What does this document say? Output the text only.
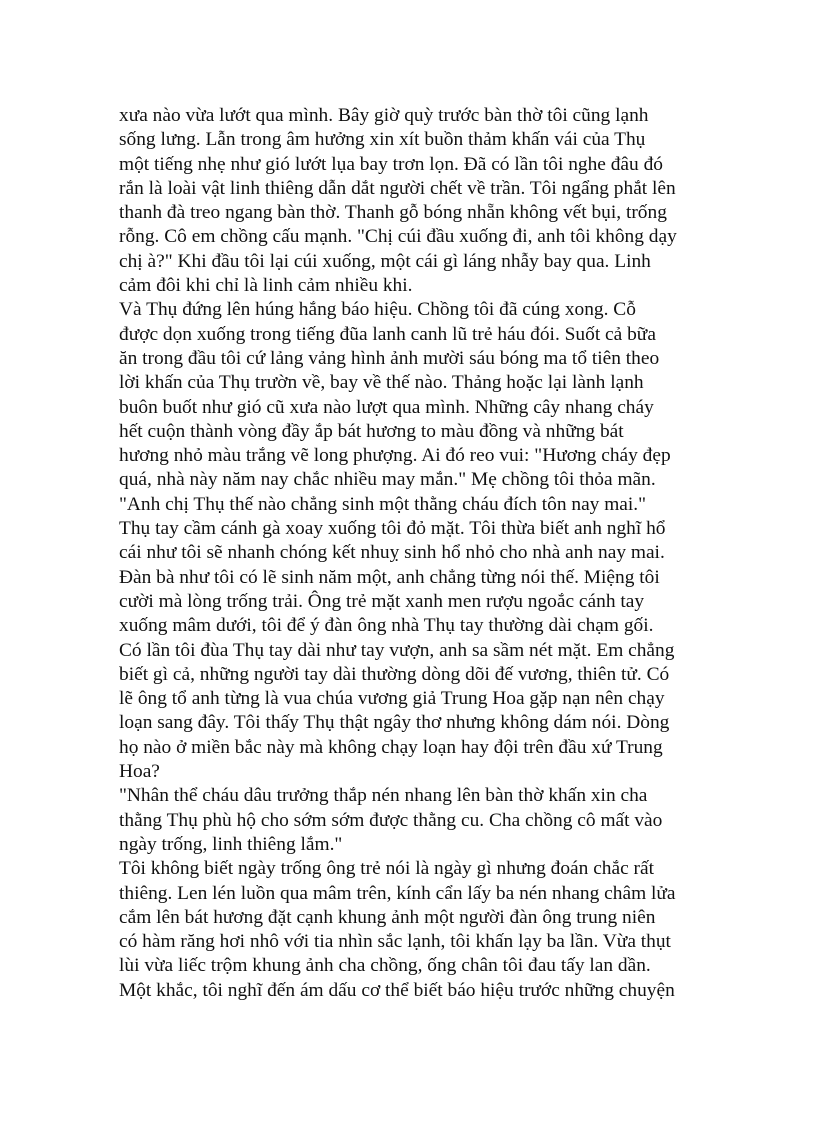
xưa nào vừa lướt qua mình. Bây giờ quỳ trước bàn thờ tôi cũng lạnh
sống lưng. Lẫn trong âm hưởng xin xít buồn thảm khấn vái của Thụ
một tiếng nhẹ như gió lướt lụa bay trơn lọn. Đã có lần tôi nghe đâu đó
rắn là loài vật linh thiêng dẫn dắt người chết về trần. Tôi ngẩng phắt lên
thanh đà treo ngang bàn thờ. Thanh gỗ bóng nhẵn không vết bụi, trống
rỗng. Cô em chồng cấu mạnh. "Chị cúi đầu xuống đi, anh tôi không dạy
chị à?" Khi đầu tôi lại cúi xuống, một cái gì láng nhẫy bay qua. Linh
cảm đôi khi chỉ là linh cảm nhiều khi.
Và Thụ đứng lên húng hắng báo hiệu. Chồng tôi đã cúng xong. Cỗ
được dọn xuống trong tiếng đũa lanh canh lũ trẻ háu đói. Suốt cả bữa
ăn trong đầu tôi cứ lảng vảng hình ảnh mười sáu bóng ma tổ tiên theo
lời khấn của Thụ trườn về, bay về thế nào. Thảng hoặc lại lành lạnh
buôn buốt như gió cũ xưa nào lượt qua mình. Những cây nhang cháy
hết cuộn thành vòng đầy ắp bát hương to màu đồng và những bát
hương nhỏ màu trắng vẽ long phượng. Ai đó reo vui: "Hương cháy đẹp
quá, nhà này năm nay chắc nhiều may mắn." Mẹ chồng tôi thỏa mãn.
"Anh chị Thụ thế nào chẳng sinh một thằng cháu đích tôn nay mai."
Thụ tay cầm cánh gà xoay xuống tôi đỏ mặt. Tôi thừa biết anh nghĩ hổ
cái như tôi sẽ nhanh chóng kết nhuỵ sinh hổ nhỏ cho nhà anh nay mai.
Đàn bà như tôi có lẽ sinh năm một, anh chẳng từng nói thế. Miệng tôi
cười mà lòng trống trải. Ông trẻ mặt xanh men rượu ngoắc cánh tay
xuống mâm dưới, tôi để ý đàn ông nhà Thụ tay thường dài chạm gối.
Có lần tôi đùa Thụ tay dài như tay vượn, anh sa sầm nét mặt. Em chẳng
biết gì cả, những người tay dài thường dòng dõi đế vương, thiên tử. Có
lẽ ông tổ anh từng là vua chúa vương giả Trung Hoa gặp nạn nên chạy
loạn sang đây. Tôi thấy Thụ thật ngây thơ nhưng không dám nói. Dòng
họ nào ở miền bắc này mà không chạy loạn hay đội trên đầu xứ Trung
Hoa?
"Nhân thể cháu dâu trưởng thắp nén nhang lên bàn thờ khấn xin cha
thằng Thụ phù hộ cho sớm sớm được thằng cu. Cha chồng cô mất vào
ngày trống, linh thiêng lắm."
Tôi không biết ngày trống ông trẻ nói là ngày gì nhưng đoán chắc rất
thiêng. Len lén luồn qua mâm trên, kính cẩn lấy ba nén nhang châm lửa
cắm lên bát hương đặt cạnh khung ảnh một người đàn ông trung niên
có hàm răng hơi nhô với tia nhìn sắc lạnh, tôi khấn lạy ba lần. Vừa thụt
lùi vừa liếc trộm khung ảnh cha chồng, ống chân tôi đau tấy lan dần.
Một khắc, tôi nghĩ đến ám dấu cơ thể biết báo hiệu trước những chuyện
